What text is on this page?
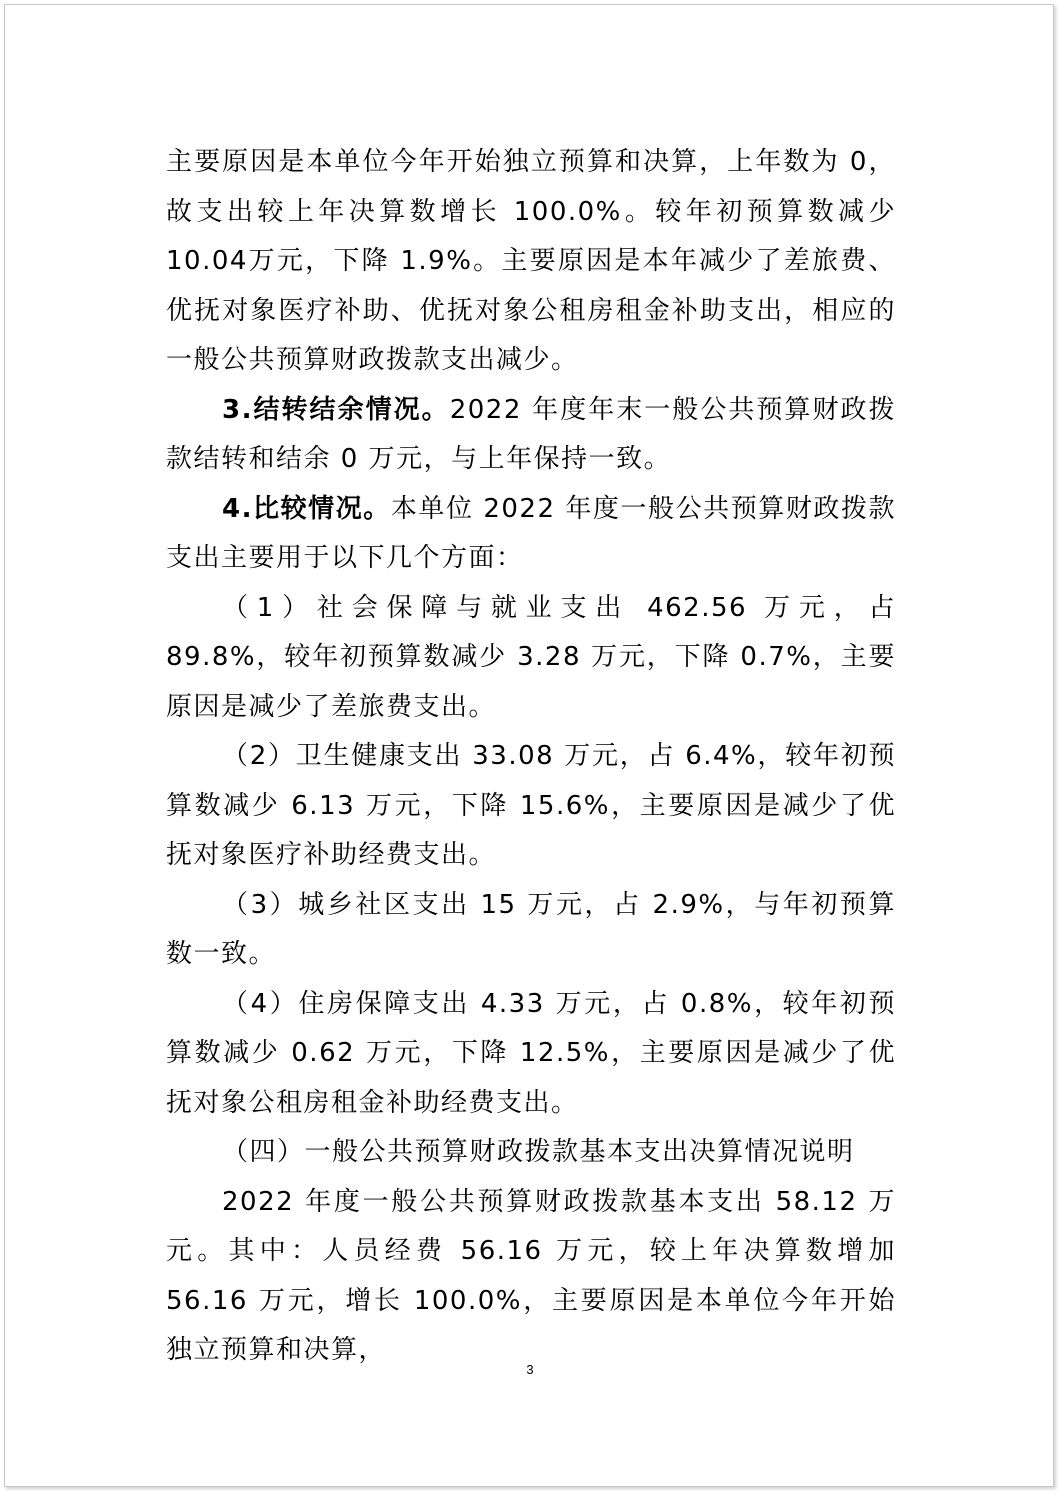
主要原因是本单位今年开始独立预算和决算，上年数为 0，故支出较上年决算数增长 100.0%。较年初预算数减少 10.04万元，下降 1.9%。主要原因是本年减少了差旅费、优抚对象医疗补助、优抚对象公租房租金补助支出，相应的一般公共预算财政拨款支出减少。

3.结转结余情况。2022 年度年末一般公共预算财政拨款结转和结余 0 万元，与上年保持一致。

4.比较情况。本单位 2022 年度一般公共预算财政拨款支出主要用于以下几个方面：

（1）社会保障与就业支出 462.56 万元，占 89.8%，较年初预算数减少 3.28 万元，下降 0.7%，主要原因是减少了差旅费支出。

（2）卫生健康支出 33.08 万元，占 6.4%，较年初预算数减少 6.13 万元，下降 15.6%，主要原因是减少了优抚对象医疗补助经费支出。

（3）城乡社区支出 15 万元，占 2.9%，与年初预算数一致。

（4）住房保障支出 4.33 万元，占 0.8%，较年初预算数减少 0.62 万元，下降 12.5%，主要原因是减少了优抚对象公租房租金补助经费支出。

（四）一般公共预算财政拨款基本支出决算情况说明

2022 年度一般公共预算财政拨款基本支出 58.12 万元。其中：人员经费 56.16 万元，较上年决算数增加 56.16 万元，增长 100.0%，主要原因是本单位今年开始独立预算和决算，

3
